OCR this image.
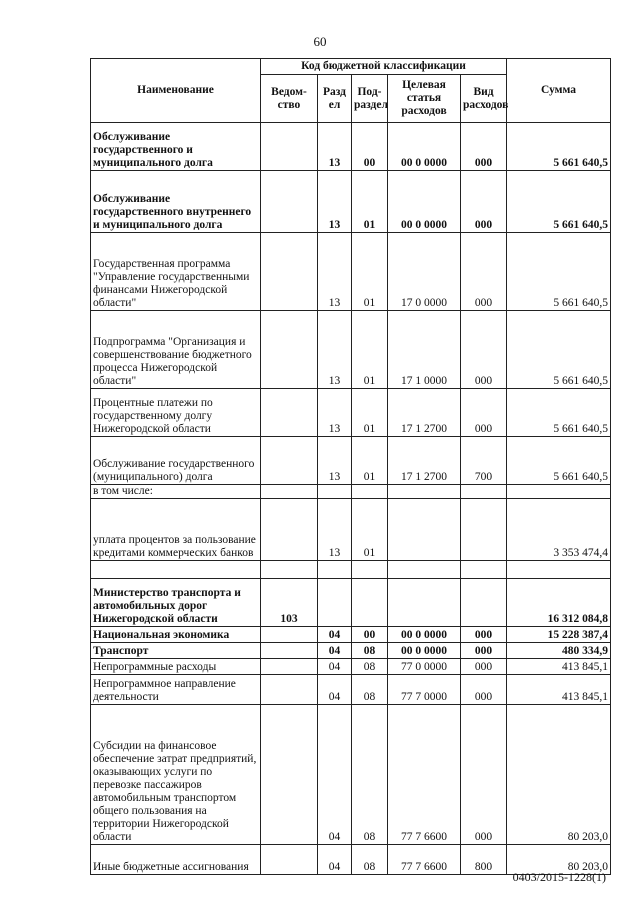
60
Наименование	Код бюджетной классификации					Сумма
	Ведом-ство	Разд ел	Под-раздел	Целевая статья расходов	Вид расходов	
Обслуживание государственного и муниципального долга		13	00	00 0 0000	000	5 661 640,5
Обслуживание государственного внутреннего и муниципального долга		13	01	00 0 0000	000	5 661 640,5
Государственная программа "Управление государственными финансами Нижегородской области"		13	01	17 0 0000	000	5 661 640,5
Подпрограмма "Организация и совершенствование бюджетного процесса Нижегородской области"		13	01	17 1 0000	000	5 661 640,5
Процентные платежи по государственному долгу Нижегородской области		13	01	17 1 2700	000	5 661 640,5
Обслуживание государственного (муниципального) долга		13	01	17 1 2700	700	5 661 640,5
в том числе:						
уплата процентов за пользование кредитами коммерческих банков		13	01			3 353 474,4

Министерство транспорта и автомобильных дорог Нижегородской области	103					16 312 084,8
Национальная экономика		04	00	00 0 0000	000	15 228 387,4
Транспорт		04	08	00 0 0000	000	480 334,9
Непрограммные расходы		04	08	77 0 0000	000	413 845,1
Непрограммное направление деятельности		04	08	77 7 0000	000	413 845,1
Субсидии на финансовое обеспечение затрат предприятий, оказывающих услуги по перевозке пассажиров автомобильным транспортом общего пользования на территории Нижегородской области		04	08	77 7 6600	000	80 203,0
Иные бюджетные ассигнования		04	08	77 7 6600	800	80 203,0
0403/2015-1228(1)
